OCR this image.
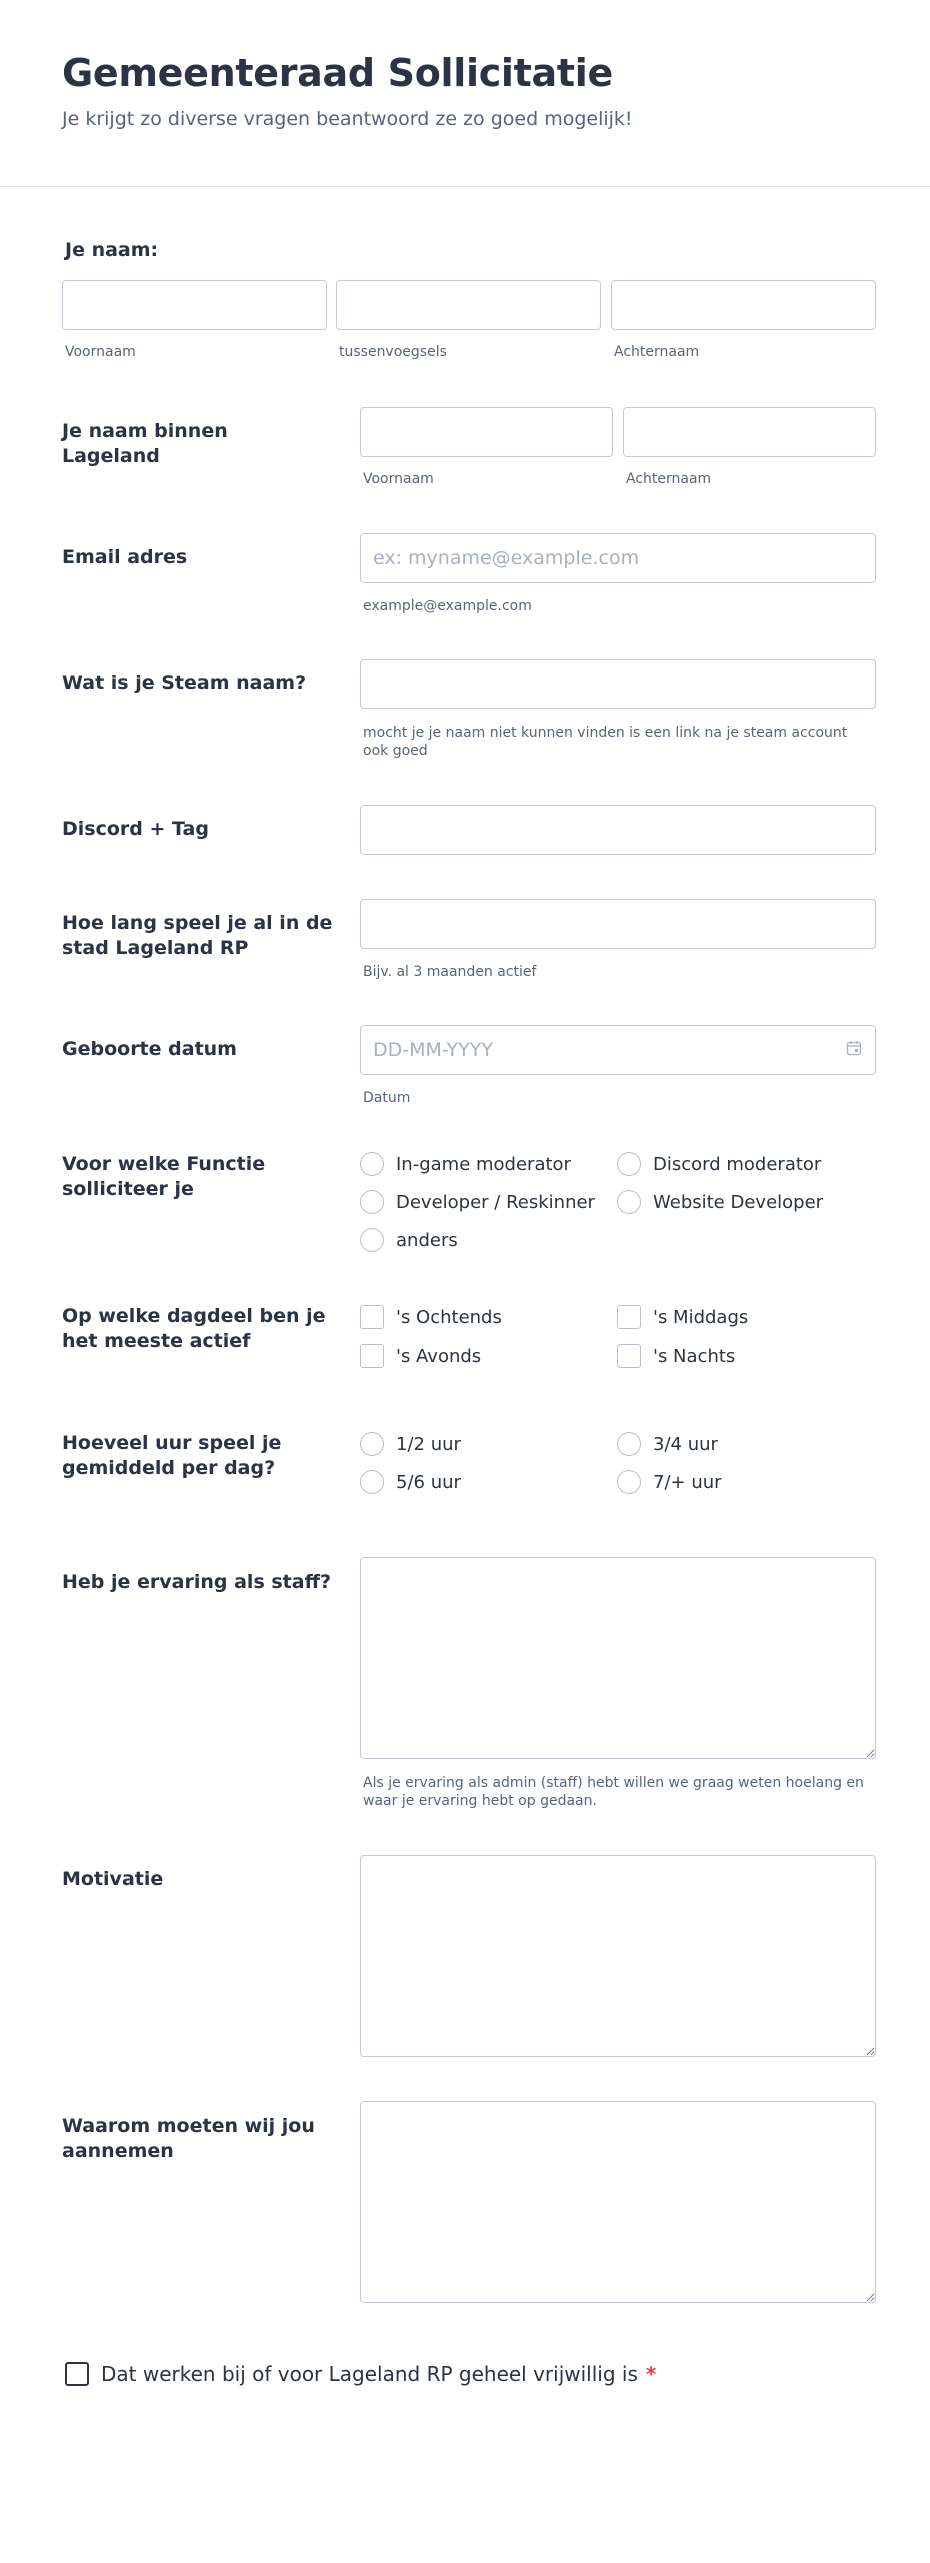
Gemeenteraad Sollicitatie
Je krijgt zo diverse vragen beantwoord ze zo goed mogelijk!
Je naam:
Voornaam	tussenvoegsels	Achternaam
Je naam binnen Lageland
Voornaam	Achternaam
Email adres
ex: myname@example.com
example@example.com
Wat is je Steam naam?
mocht je je naam niet kunnen vinden is een link na je steam account ook goed
Discord + Tag
Hoe lang speel je al in de stad Lageland RP
Bijv. al 3 maanden actief
Geboorte datum
DD-MM-YYYY
Datum
Voor welke Functie solliciteer je
In-game moderator	Discord moderator
Developer / Reskinner	Website Developer
anders
Op welke dagdeel ben je het meeste actief
's Ochtends	's Middags
's Avonds	's Nachts
Hoeveel uur speel je gemiddeld per dag?
1/2 uur	3/4 uur
5/6 uur	7/+ uur
Heb je ervaring als staff?
Als je ervaring als admin (staff) hebt willen we graag weten hoelang en waar je ervaring hebt op gedaan.
Motivatie
Waarom moeten wij jou aannemen
Dat werken bij of voor Lageland RP geheel vrijwillig is *
